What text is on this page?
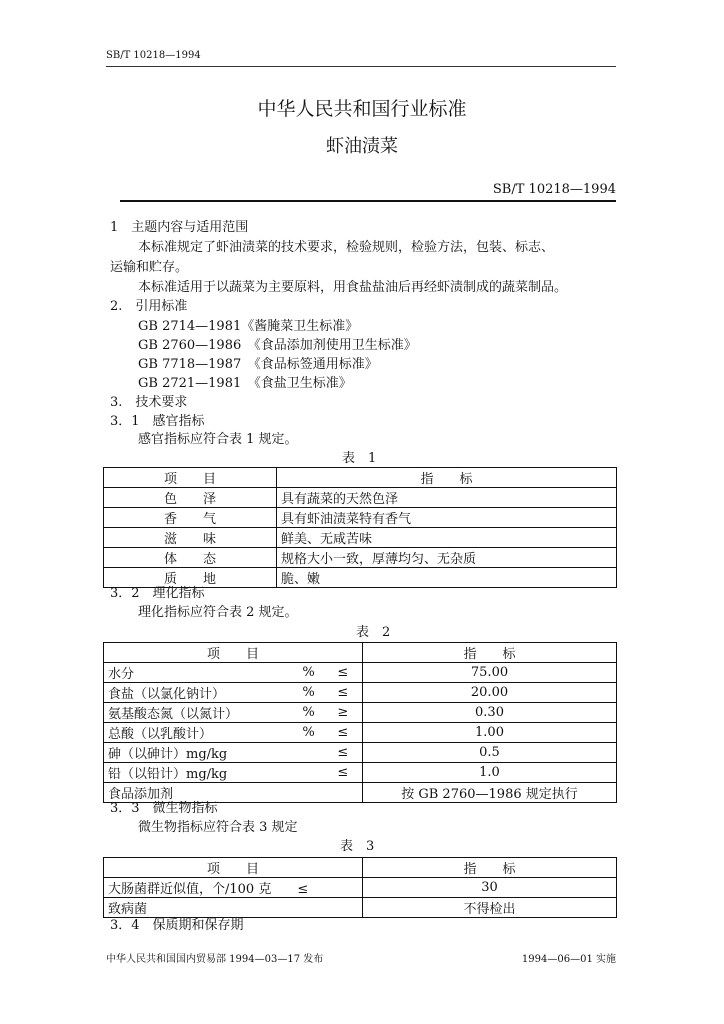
SB/T 10218—1994
中华人民共和国行业标准
虾油渍菜
SB/T 10218—1994
1　主题内容与适用范围
本标准规定了虾油渍菜的技术要求，检验规则，检验方法，包装、标志、
运输和贮存。
本标准适用于以蔬菜为主要原料，用食盐盐油后再经虾渍制成的蔬菜制品。
2.　引用标准
GB 2714—1981《酱腌菜卫生标准》
GB 2760—1986　《食品添加剂使用卫生标准》
GB 7718—1987　《食品标签通用标准》
GB 2721—1981　《食盐卫生标准》
3.　技术要求
3．1　感官指标
感官指标应符合表 1 规定。
表　1
项　　目	指　　标
色　　泽	具有蔬菜的天然色泽
香　　气	具有虾油渍菜特有香气
滋　　味	鲜美、无咸苦味
体　　态	规格大小一致，厚薄均匀、无杂质
质　　地	脆、嫩
3．2　理化指标
理化指标应符合表 2 规定。
表　2
项　　目			指　　标
水分	%	≤	75.00
食盐（以氯化钠计）	%	≤	20.00
氨基酸态氮（以氮计）	%	≥	0.30
总酸（以乳酸计）	%	≤	1.00
砷（以砷计）mg/kg		≤	0.5
铅（以铅计）mg/kg		≤	1.0
食品添加剂			按 GB 2760—1986 规定执行
3．3　微生物指标
微生物指标应符合表 3 规定
表　3
项　　目	指　　标
大肠菌群近似值，个/100 克　　≤	30
致病菌	不得检出
3．4　保质期和保存期
中华人民共和国国内贸易部 1994—03—17 发布	1994—06—01 实施
